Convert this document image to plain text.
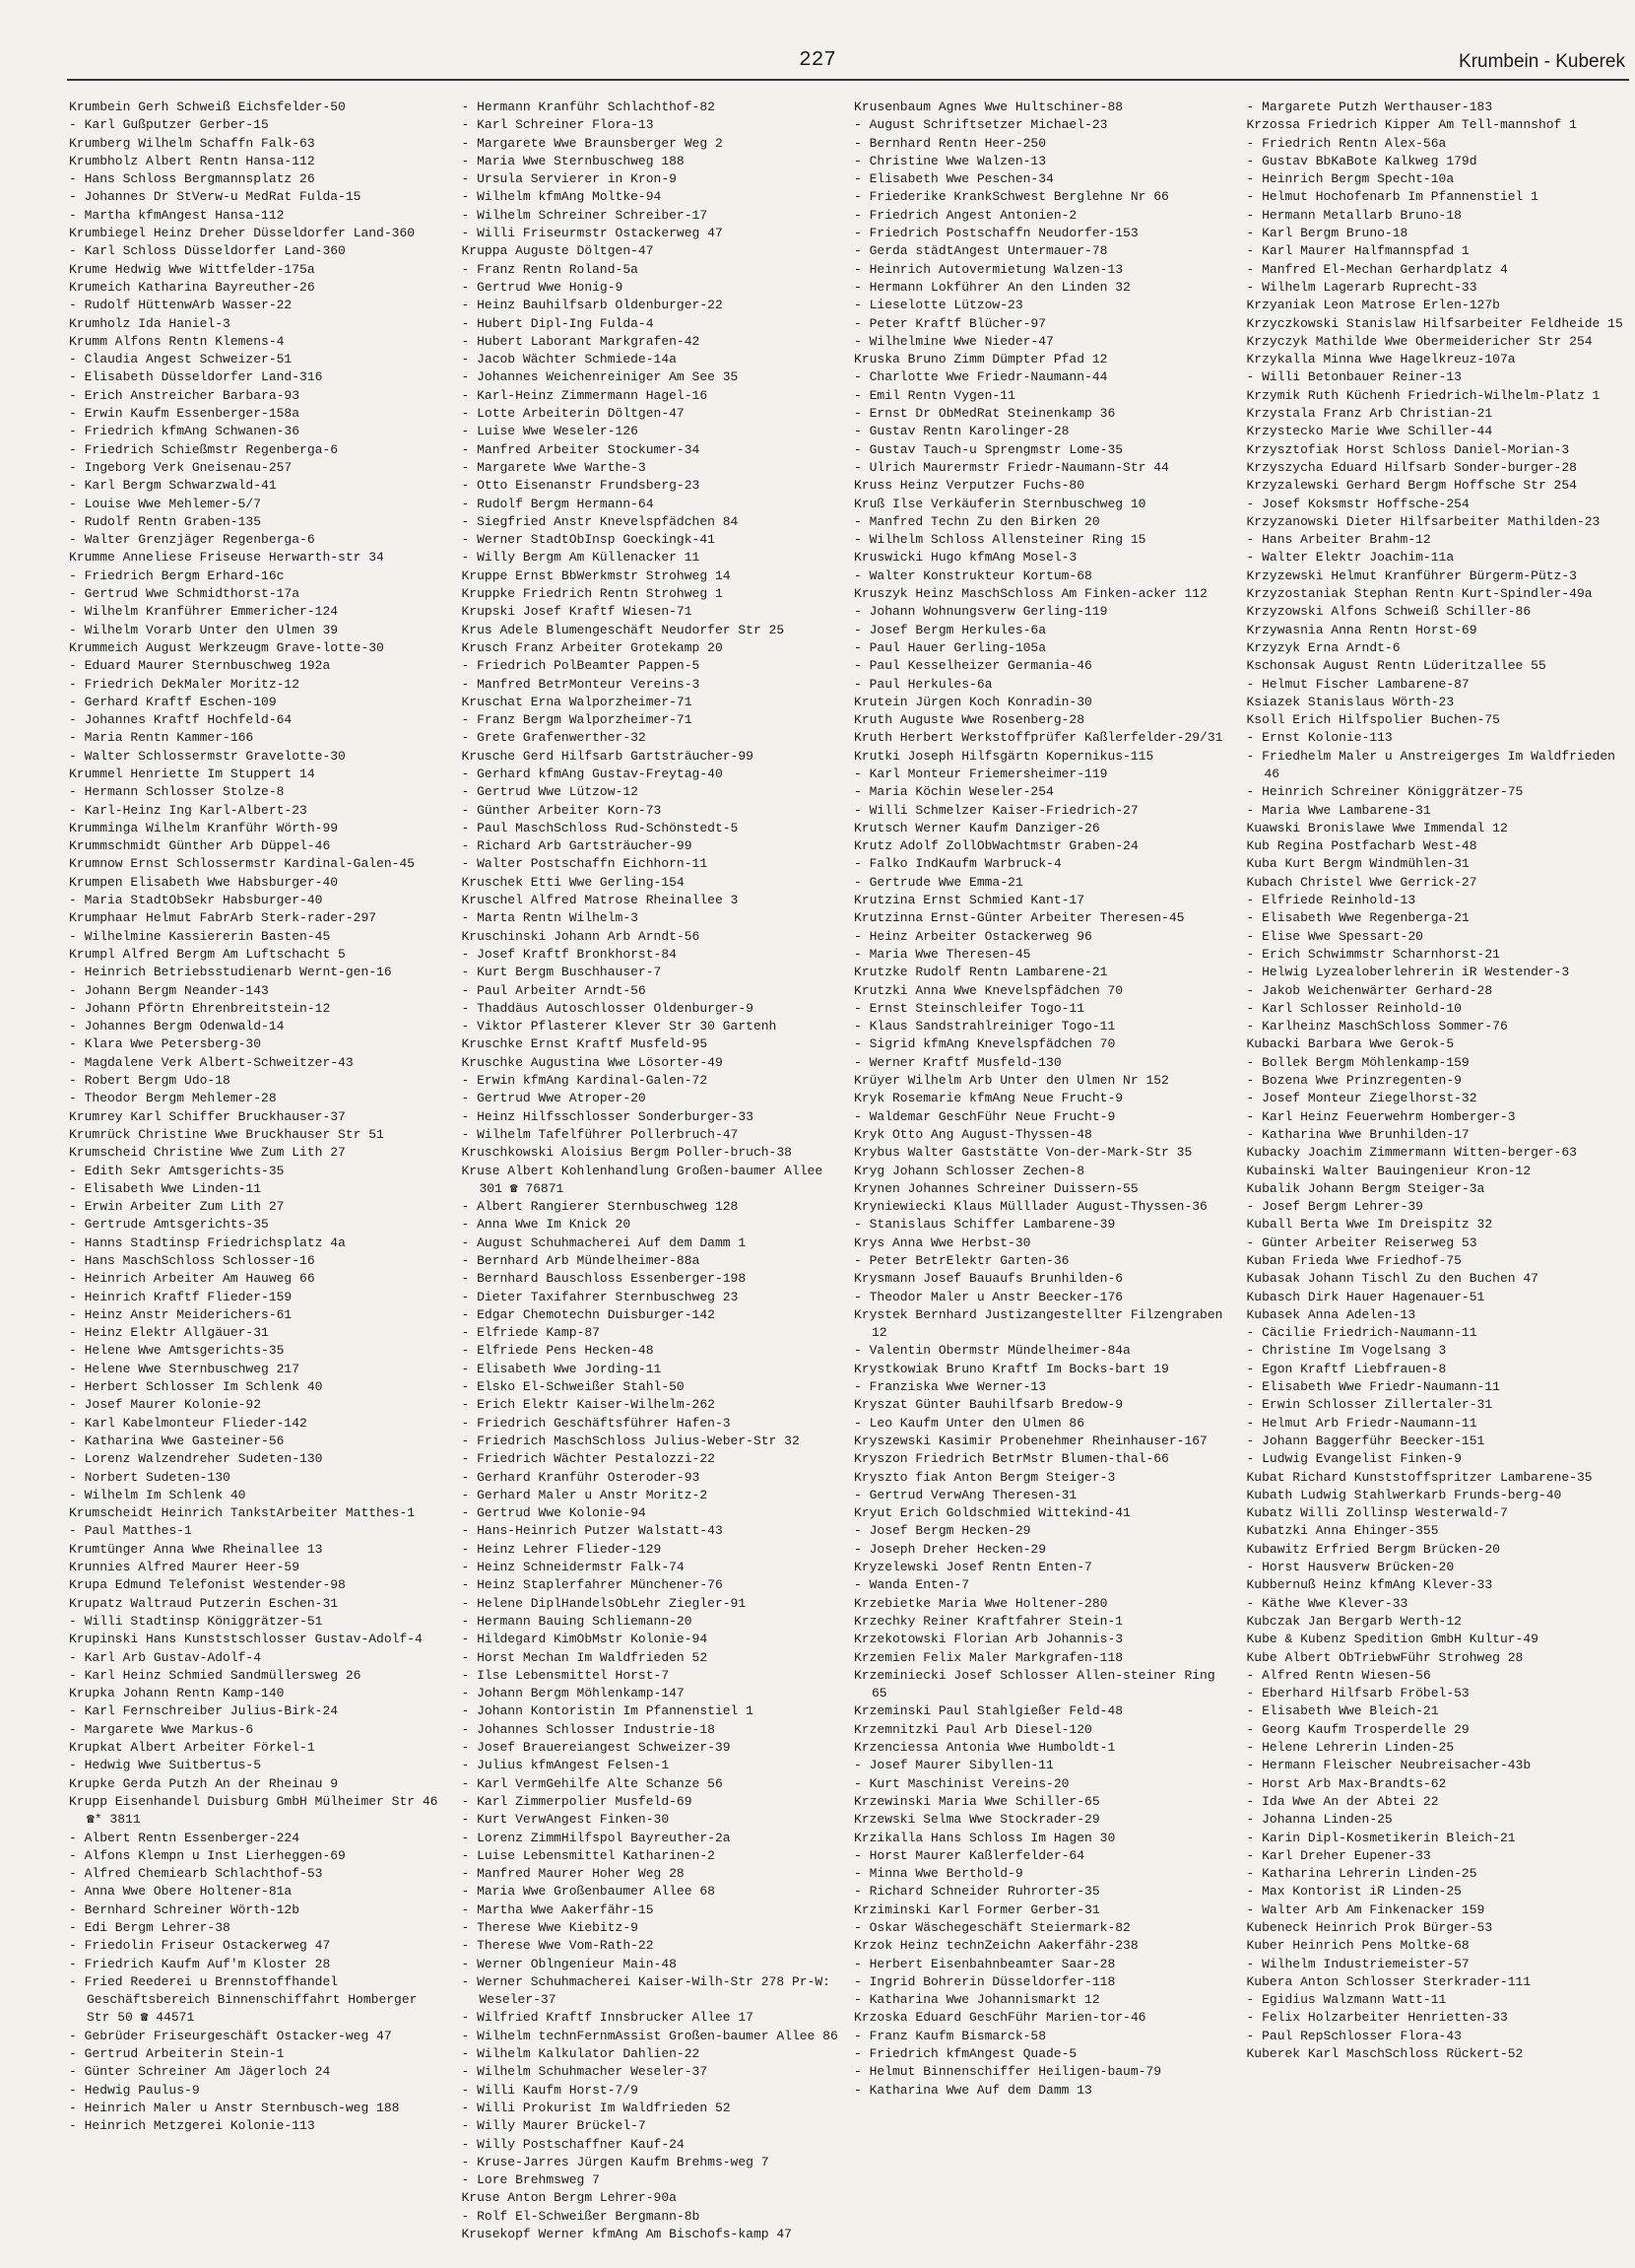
227	Krumbein - Kuberek
Krumbein Gerh Schweiß Eichsfelder-50
- Karl Gußputzer Gerber-15
Krumberg Wilhelm Schaffn Falk-63
Krumbholz Albert Rentn Hansa-112
- Hans Schloss Bergmannsplatz 26
- Johannes Dr StVerw-u MedRat Fulda-15
- Martha kfmAngest Hansa-112
Krumbiegel Heinz Dreher Düsseldorfer Land-360
- Karl Schloss Düsseldorfer Land-360
Krume Hedwig Wwe Wittfelder-175a
Krumeich Katharina Bayreuther-26
- Rudolf HüttenwArb Wasser-22
Krumholz Ida Haniel-3
Krumm Alfons Rentn Klemens-4
- Claudia Angest Schweizer-51
- Elisabeth Düsseldorfer Land-316
- Erich Anstreicher Barbara-93
- Erwin Kaufm Essenberger-158a
- Friedrich kfmAng Schwanen-36
- Friedrich Schießmstr Regenberga-6
- Ingeborg Verk Gneisenau-257
- Karl Bergm Schwarzwald-41
- Louise Wwe Mehlemer-5/7
- Rudolf Rentn Graben-135
- Walter Grenzjäger Regenberga-6
Krumme Anneliese Friseuse Herwarth-str 34
- Friedrich Bergm Erhard-16c
- Gertrud Wwe Schmidthorst-17a
- Wilhelm Kranführer Emmericher-124
- Wilhelm Vorarb Unter den Ulmen 39
Krummeich August Werkzeugm Grave-lotte-30
- Eduard Maurer Sternbuschweg 192a
- Friedrich DekMaler Moritz-12
- Gerhard Kraftf Eschen-109
- Johannes Kraftf Hochfeld-64
- Maria Rentn Kammer-166
- Walter Schlossermstr Gravelotte-30
Krummel Henriette Im Stuppert 14
- Hermann Schlosser Stolze-8
- Karl-Heinz Ing Karl-Albert-23
Krumminga Wilhelm Kranführ Wörth-99
Krummschmidt Günther Arb Düppel-46
Krumnow Ernst Schlossermstr Kardinal-Galen-45
Krumpen Elisabeth Wwe Habsburger-40
- Maria StadtObSekr Habsburger-40
Krumphaar Helmut FabrArb Sterk-rader-297
- Wilhelmine Kassiererin Basten-45
Krumpl Alfred Bergm Am Luftschacht 5
- Heinrich Betriebsstudienarb Wernt-gen-16
- Johann Bergm Neander-143
- Johann Pförtn Ehrenbreitstein-12
- Johannes Bergm Odenwald-14
- Klara Wwe Petersberg-30
- Magdalene Verk Albert-Schweitzer-43
- Robert Bergm Udo-18
- Theodor Bergm Mehlemer-28
Krumrey Karl Schiffer Bruckhauser-37
Krumrück Christine Wwe Bruckhauser Str 51
Krumscheid Christine Wwe Zum Lith 27
- Edith Sekr Amtsgerichts-35
- Elisabeth Wwe Linden-11
- Erwin Arbeiter Zum Lith 27
- Gertrude Amtsgerichts-35
- Hanns Stadtinsp Friedrichsplatz 4a
- Hans MaschSchloss Schlosser-16
- Heinrich Arbeiter Am Hauweg 66
- Heinrich Kraftf Flieder-159
- Heinz Anstr Meiderichers-61
- Heinz Elektr Allgäuer-31
- Helene Wwe Amtsgerichts-35
- Helene Wwe Sternbuschweg 217
- Herbert Schlosser Im Schlenk 40
- Josef Maurer Kolonie-92
- Karl Kabelmonteur Flieder-142
- Katharina Wwe Gasteiner-56
- Lorenz Walzendreher Sudeten-130
- Norbert Sudeten-130
- Wilhelm Im Schlenk 40
Krumscheidt Heinrich TankstArbeiter Matthes-1
- Paul Matthes-1
Krumtünger Anna Wwe Rheinallee 13
Krunnies Alfred Maurer Heer-59
Krupa Edmund Telefonist Westender-98
Krupatz Waltraud Putzerin Eschen-31
- Willi Stadtinsp Königgrätzer-51
Krupinski Hans Kunststschlosser Gustav-Adolf-4
- Karl Arb Gustav-Adolf-4
- Karl Heinz Schmied Sandmüllersweg 26
Krupka Johann Rentn Kamp-140
- Karl Fernschreiber Julius-Birk-24
- Margarete Wwe Markus-6
Krupkat Albert Arbeiter Förkel-1
- Hedwig Wwe Suitbertus-5
Krupke Gerda Putzh An der Rheinau 9
Krupp Eisenhandel Duisburg GmbH Mülheimer Str 46 ☎* 3811
- Albert Rentn Essenberger-224
- Alfons Klempn u Inst Lierheggen-69
- Alfred Chemiearb Schlachthof-53
- Anna Wwe Obere Holtener-81a
- Bernhard Schreiner Wörth-12b
- Edi Bergm Lehrer-38
- Friedolin Friseur Ostackerweg 47
- Friedrich Kaufm Auf'm Kloster 28
- Fried Reederei u Brennstoffhandel Geschäftsbereich Binnenschiffahrt Homberger Str 50 ☎ 44571
- Gebrüder Friseurgeschäft Ostacker-weg 47
- Gertrud Arbeiterin Stein-1
- Günter Schreiner Am Jägerloch 24
- Hedwig Paulus-9
- Heinrich Maler u Anstr Sternbusch-weg 188
- Heinrich Metzgerei Kolonie-113
- Hermann Kranführ Schlachthof-82
- Karl Schreiner Flora-13
- Margarete Wwe Braunsberger Weg 2
- Maria Wwe Sternbuschweg 188
- Ursula Servierer in Kron-9
- Wilhelm kfmAng Moltke-94
- Wilhelm Schreiner Schreiber-17
- Willi Friseurmstr Ostackerweg 47
Kruppa Auguste Döltgen-47
- Franz Rentn Roland-5a
- Gertrud Wwe Honig-9
- Heinz Bauhilfsarb Oldenburger-22
- Hubert Dipl-Ing Fulda-4
- Hubert Laborant Markgrafen-42
- Jacob Wächter Schmiede-14a
- Johannes Weichenreiniger Am See 35
- Karl-Heinz Zimmermann Hagel-16
- Lotte Arbeiterin Döltgen-47
- Luise Wwe Weseler-126
- Manfred Arbeiter Stockumer-34
- Margarete Wwe Warthe-3
- Otto Eisenanstr Frundsberg-23
- Rudolf Bergm Hermann-64
- Siegfried Anstr Knevelspfädchen 84
- Werner StadtObInsp Goeckingk-41
- Willy Bergm Am Küllenacker 11
Kruppe Ernst BbWerkmstr Strohweg 14
Kruppke Friedrich Rentn Strohweg 1
Krupski Josef Kraftf Wiesen-71
Krus Adele Blumengeschäft Neudorfer Str 25
Krusch Franz Arbeiter Grotekamp 20
- Friedrich PolBeamter Pappen-5
- Manfred BetrMonteur Vereins-3
Kruschat Erna Walporzheimer-71
- Franz Bergm Walporzheimer-71
- Grete Grafenwerther-32
Krusche Gerd Hilfsarb Gartsträucher-99
- Gerhard kfmAng Gustav-Freytag-40
- Gertrud Wwe Lützow-12
- Günther Arbeiter Korn-73
- Paul MaschSchloss Rud-Schönstedt-5
- Richard Arb Gartsträucher-99
- Walter Postschaffn Eichhorn-11
Kruschek Etti Wwe Gerling-154
Kruschel Alfred Matrose Rheinallee 3
- Marta Rentn Wilhelm-3
Kruschinski Johann Arb Arndt-56
- Josef Kraftf Bronkhorst-84
- Kurt Bergm Buschhauser-7
- Paul Arbeiter Arndt-56
- Thaddäus Autoschlosser Oldenburger-9
- Viktor Pflasterer Klever Str 30 Gartenh
Kruschke Ernst Kraftf Musfeld-95
Kruschke Augustina Wwe Lösorter-49
- Erwin kfmAng Kardinal-Galen-72
- Gertrud Wwe Atroper-20
- Heinz Hilfsschlosser Sonderburger-33
- Wilhelm Tafelführer Pollerbruch-47
Kruschkowski Aloisius Bergm Poller-bruch-38
Kruse Albert Kohlenhandlung Großen-baumer Allee 301 ☎ 76871
- Albert Rangierer Sternbuschweg 128
- Anna Wwe Im Knick 20
- August Schuhmacherei Auf dem Damm 1
- Bernhard Arb Mündelheimer-88a
- Bernhard Bauschloss Essenberger-198
- Dieter Taxifahrer Sternbuschweg 23
- Edgar Chemotechn Duisburger-142
- Elfriede Kamp-87
- Elfriede Pens Hecken-48
- Elisabeth Wwe Jording-11
- Elsko El-Schweißer Stahl-50
- Erich Elektr Kaiser-Wilhelm-262
- Friedrich Geschäftsführer Hafen-3
- Friedrich MaschSchloss Julius-Weber-Str 32
- Friedrich Wächter Pestalozzi-22
- Gerhard Kranführ Osteroder-93
- Gerhard Maler u Anstr Moritz-2
- Gertrud Wwe Kolonie-94
- Hans-Heinrich Putzer Walstatt-43
- Heinz Lehrer Flieder-129
- Heinz Schneidermstr Falk-74
- Heinz Staplerfahrer Münchener-76
- Helene DiplHandelsObLehr Ziegler-91
- Hermann Bauing Schliemann-20
- Hildegard KimObMstr Kolonie-94
- Horst Mechan Im Waldfrieden 52
- Ilse Lebensmittel Horst-7
- Johann Bergm Möhlenkamp-147
- Johann Kontoristin Im Pfannenstiel 1
- Johannes Schlosser Industrie-18
- Josef Brauereiangest Schweizer-39
- Julius kfmAngest Felsen-1
- Karl VermGehilfe Alte Schanze 56
- Karl Zimmerpolier Musfeld-69
- Kurt VerwAngest Finken-30
- Lorenz ZimmHilfspol Bayreuther-2a
- Luise Lebensmittel Katharinen-2
- Manfred Maurer Hoher Weg 28
- Maria Wwe Großenbaumer Allee 68
- Martha Wwe Aakerfähr-15
- Therese Wwe Kiebitz-9
- Therese Wwe Vom-Rath-22
- Werner Oblngenieur Main-48
- Werner Schuhmacherei Kaiser-Wilh-Str 278 Pr-W: Weseler-37
- Wilfried Kraftf Innsbrucker Allee 17
- Wilhelm technFernmAssist Großen-baumer Allee 86
- Wilhelm Kalkulator Dahlien-22
- Wilhelm Schuhmacher Weseler-37
- Willi Kaufm Horst-7/9
- Willi Prokurist Im Waldfrieden 52
- Willy Maurer Brückel-7
- Willy Postschaffner Kauf-24
- Kruse-Jarres Jürgen Kaufm Brehms-weg 7
- Lore Brehmsweg 7
Kruse Anton Bergm Lehrer-90a
- Rolf El-Schweißer Bergmann-8b
Krusekopf Werner kfmAng Am Bischofs-kamp 47
Krusenbaum Agnes Wwe Hultschiner-88
- August Schriftsetzer Michael-23
- Bernhard Rentn Heer-250
- Christine Wwe Walzen-13
- Elisabeth Wwe Peschen-34
- Friederike KrankSchwest Berglehne Nr 66
- Friedrich Angest Antonien-2
- Friedrich Postschaffn Neudorfer-153
- Gerda städtAngest Untermauer-78
- Heinrich Autovermietung Walzen-13
- Hermann Lokführer An den Linden 32
- Lieselotte Lützow-23
- Peter Kraftf Blücher-97
- Wilhelmine Wwe Nieder-47
Kruska Bruno Zimm Dümpter Pfad 12
- Charlotte Wwe Friedr-Naumann-44
- Emil Rentn Vygen-11
- Ernst Dr ObMedRat Steinenkamp 36
- Gustav Rentn Karolinger-28
- Gustav Tauch-u Sprengmstr Lome-35
- Ulrich Maurermstr Friedr-Naumann-Str 44
Kruss Heinz Verputzer Fuchs-80
Kruß Ilse Verkäuferin Sternbuschweg 10
- Manfred Techn Zu den Birken 20
- Wilhelm Schloss Allensteiner Ring 15
Kruswicki Hugo kfmAng Mosel-3
- Walter Konstrukteur Kortum-68
Kruszyk Heinz MaschSchloss Am Finken-acker 112
- Johann Wohnungsverw Gerling-119
- Josef Bergm Herkules-6a
- Paul Hauer Gerling-105a
- Paul Kesselheizer Germania-46
- Paul Herkules-6a
Krutein Jürgen Koch Konradin-30
Kruth Auguste Wwe Rosenberg-28
Kruth Herbert Werkstoffprüfer Kaßlerfelder-29/31
Krutki Joseph Hilfsgärtn Kopernikus-115
- Karl Monteur Friemersheimer-119
- Maria Köchin Weseler-254
- Willi Schmelzer Kaiser-Friedrich-27
Krutsch Werner Kaufm Danziger-26
Krutz Adolf ZollObWachtmstr Graben-24
- Falko IndKaufm Warbruck-4
- Gertrude Wwe Emma-21
Krutzina Ernst Schmied Kant-17
Krutzinna Ernst-Günter Arbeiter Theresen-45
- Heinz Arbeiter Ostackerweg 96
- Maria Wwe Theresen-45
Krutzke Rudolf Rentn Lambarene-21
Krutzki Anna Wwe Knevelspfädchen 70
- Ernst Steinschleifer Togo-11
- Klaus Sandstrahlreiniger Togo-11
- Sigrid kfmAng Knevelspfädchen 70
- Werner Kraftf Musfeld-130
Krüyer Wilhelm Arb Unter den Ulmen Nr 152
Kryk Rosemarie kfmAng Neue Frucht-9
- Waldemar GeschFühr Neue Frucht-9
Kryk Otto Ang August-Thyssen-48
Krybus Walter Gaststätte Von-der-Mark-Str 35
Kryg Johann Schlosser Zechen-8
Krynen Johannes Schreiner Duissern-55
Kryniewiecki Klaus Mülllader August-Thyssen-36
- Stanislaus Schiffer Lambarene-39
Krys Anna Wwe Herbst-30
- Peter BetrElektr Garten-36
Krysmann Josef Bauaufs Brunhilden-6
- Theodor Maler u Anstr Beecker-176
Krystek Bernhard Justizangestellter Filzengraben 12
- Valentin Obermstr Mündelheimer-84a
Krystkowiak Bruno Kraftf Im Bocks-bart 19
- Franziska Wwe Werner-13
Kryszat Günter Bauhilfsarb Bredow-9
- Leo Kaufm Unter den Ulmen 86
Kryszewski Kasimir Probenehmer Rheinhauser-167
Kryszon Friedrich BetrMstr Blumen-thal-66
Kryszto fiak Anton Bergm Steiger-3
- Gertrud VerwAng Theresen-31
Kryut Erich Goldschmied Wittekind-41
- Josef Bergm Hecken-29
- Joseph Dreher Hecken-29
Kryzelewski Josef Rentn Enten-7
- Wanda Enten-7
Krzebietke Maria Wwe Holtener-280
Krzechky Reiner Kraftfahrer Stein-1
Krzekotowski Florian Arb Johannis-3
Krzemien Felix Maler Markgrafen-118
Krzeminiecki Josef Schlosser Allen-steiner Ring 65
Krzeminski Paul Stahlgießer Feld-48
Krzemnitzki Paul Arb Diesel-120
Krzenciessa Antonia Wwe Humboldt-1
- Josef Maurer Sibyllen-11
- Kurt Maschinist Vereins-20
Krzewinski Maria Wwe Schiller-65
Krzewski Selma Wwe Stockrader-29
Krzikalla Hans Schloss Im Hagen 30
- Horst Maurer Kaßlerfelder-64
- Minna Wwe Berthold-9
- Richard Schneider Ruhrorter-35
Krziminski Karl Former Gerber-31
- Oskar Wäschegeschäft Steiermark-82
Krzok Heinz technZeichn Aakerfähr-238
- Herbert Eisenbahnbeamter Saar-28
- Ingrid Bohrerin Düsseldorfer-118
- Katharina Wwe Johannismarkt 12
Krzoska Eduard GeschFühr Marien-tor-46
- Franz Kaufm Bismarck-58
- Friedrich kfmAngest Quade-5
- Helmut Binnenschiffer Heiligen-baum-79
- Katharina Wwe Auf dem Damm 13
- Margarete Putzh Werthauser-183
Krzossa Friedrich Kipper Am Tell-mannshof 1
- Friedrich Rentn Alex-56a
- Gustav BbKaBote Kalkweg 179d
- Heinrich Bergm Specht-10a
- Helmut Hochofenarb Im Pfannenstiel 1
- Hermann Metallarb Bruno-18
- Karl Bergm Bruno-18
- Karl Maurer Halfmannspfad 1
- Manfred El-Mechan Gerhardplatz 4
- Wilhelm Lagerarb Ruprecht-33
Krzyaniak Leon Matrose Erlen-127b
Krzyczkowski Stanislaw Hilfsarbeiter Feldheide 15
Krzyczyk Mathilde Wwe Obermeidericher Str 254
Krzykalla Minna Wwe Hagelkreuz-107a
- Willi Betonbauer Reiner-13
Krzymik Ruth Küchenh Friedrich-Wilhelm-Platz 1
Krzystala Franz Arb Christian-21
Krzystecko Marie Wwe Schiller-44
Krzysztofiak Horst Schloss Daniel-Morian-3
Krzyszycha Eduard Hilfsarb Sonder-burger-28
Krzyzalewski Gerhard Bergm Hoffsche Str 254
- Josef Koksmstr Hoffsche-254
Krzyzanowski Dieter Hilfsarbeiter Mathilden-23
- Hans Arbeiter Brahm-12
- Walter Elektr Joachim-11a
Krzyzewski Helmut Kranführer Bürgerm-Pütz-3
Krzyzostaniak Stephan Rentn Kurt-Spindler-49a
Krzyzowski Alfons Schweiß Schiller-86
Krzywasnia Anna Rentn Horst-69
Krzyzyk Erna Arndt-6
Kschonsak August Rentn Lüderitzallee 55
- Helmut Fischer Lambarene-87
Ksiazek Stanislaus Wörth-23
Ksoll Erich Hilfspolier Buchen-75
- Ernst Kolonie-113
- Friedhelm Maler u Anstreigerges Im Waldfrieden 46
- Heinrich Schreiner Königgrätzer-75
- Maria Wwe Lambarene-31
Kuawski Bronislawe Wwe Immendal 12
Kub Regina Postfacharb West-48
Kuba Kurt Bergm Windmühlen-31
Kubach Christel Wwe Gerrick-27
- Elfriede Reinhold-13
- Elisabeth Wwe Regenberga-21
- Elise Wwe Spessart-20
- Erich Schwimmstr Scharnhorst-21
- Helwig Lyzealoberlehrerin iR Westender-3
- Jakob Weichenwärter Gerhard-28
- Karl Schlosser Reinhold-10
- Karlheinz MaschSchloss Sommer-76
Kubacki Barbara Wwe Gerok-5
- Bollek Bergm Möhlenkamp-159
- Bozena Wwe Prinzregenten-9
- Josef Monteur Ziegelhorst-32
- Karl Heinz Feuerwehrm Homberger-3
- Katharina Wwe Brunhilden-17
Kubacky Joachim Zimmermann Witten-berger-63
Kubainski Walter Bauingenieur Kron-12
Kubalik Johann Bergm Steiger-3a
- Josef Bergm Lehrer-39
Kuball Berta Wwe Im Dreispitz 32
- Günter Arbeiter Reiserweg 53
Kuban Frieda Wwe Friedhof-75
Kubasak Johann Tischl Zu den Buchen 47
Kubasch Dirk Hauer Hagenauer-51
Kubasek Anna Adelen-13
- Cäcilie Friedrich-Naumann-11
- Christine Im Vogelsang 3
- Egon Kraftf Liebfrauen-8
- Elisabeth Wwe Friedr-Naumann-11
- Erwin Schlosser Zillertaler-31
- Helmut Arb Friedr-Naumann-11
- Johann Baggerführ Beecker-151
- Ludwig Evangelist Finken-9
Kubat Richard Kunststoffspritzer Lambarene-35
Kubath Ludwig Stahlwerkarb Frunds-berg-40
Kubatz Willi Zollinsp Westerwald-7
Kubatzki Anna Ehinger-355
Kubawitz Erfried Bergm Brücken-20
- Horst Hausverw Brücken-20
Kubbernuß Heinz kfmAng Klever-33
- Käthe Wwe Klever-33
Kubczak Jan Bergarb Werth-12
Kube & Kubenz Spedition GmbH Kultur-49
Kube Albert ObTriebwFühr Strohweg 28
- Alfred Rentn Wiesen-56
- Eberhard Hilfsarb Fröbel-53
- Elisabeth Wwe Bleich-21
- Georg Kaufm Trosperdelle 29
- Helene Lehrerin Linden-25
- Hermann Fleischer Neubreisacher-43b
- Horst Arb Max-Brandts-62
- Ida Wwe An der Abtei 22
- Johanna Linden-25
- Karin Dipl-Kosmetikerin Bleich-21
- Karl Dreher Eupener-33
- Katharina Lehrerin Linden-25
- Max Kontorist iR Linden-25
- Walter Arb Am Finkenacker 159
Kubeneck Heinrich Prok Bürger-53
Kuber Heinrich Pens Moltke-68
- Wilhelm Industriemeister-57
Kubera Anton Schlosser Sterkrader-111
- Egidius Walzmann Watt-11
- Felix Holzarbeiter Henrietten-33
- Paul RepSchlosser Flora-43
Kuberek Karl MaschSchloss Rückert-52
